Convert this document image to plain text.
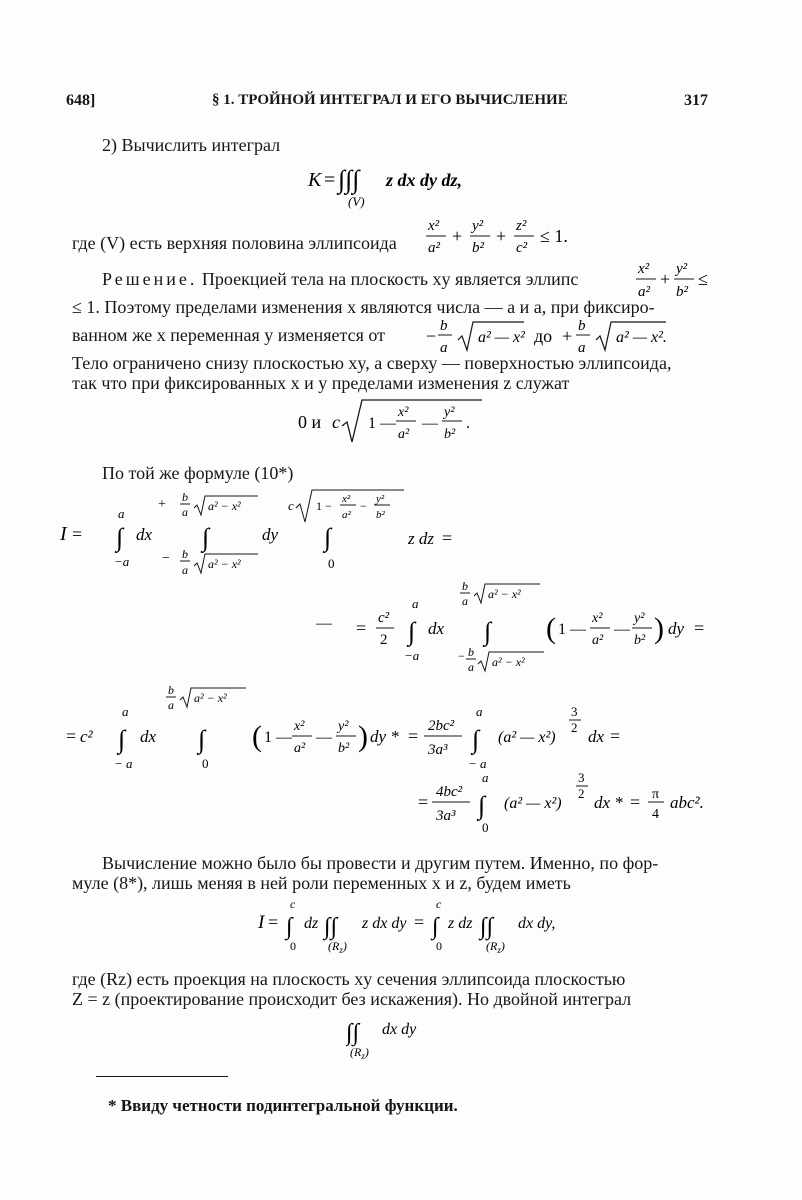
648]	§ 1. ТРОЙНОЙ ИНТЕГРАЛ И ЕГО ВЫЧИСЛЕНИЕ	317
2) Вычислить интеграл
K = ∫∫∫
(V)
z dx dy dz,
где (V) есть верхняя половина эллипсоида
x²
a²
+ y²
b²
+ z²
c²
≤ 1.
Решение. Проекцией тела на плоскость xy является эллипс	x²
a²
+ y²
b²
≤
≤ 1. Поэтому пределами изменения x являются числа — a и a, при фиксиро-
ванном же x переменная y изменяется от	− b
a
a² — x² до + b
a
a² — x².
Тело ограничено снизу плоскостью xy, а сверху — поверхностью эллипсоида,
так что при фиксированных x и y пределами изменения z служат
0 и c 1 —
x²
a²
—
y²
b²
.
По той же формуле (10*)
I =
a
∫
−a
dx
+ b
a a² − x²
∫
− b
a a² − x²
dy
c 1 − x²
a²
− y²
b²
∫
0
z dz =
— = c²
2
a
∫
−a
dx
b
a a² − x²
∫
− b
a a² − x²
( 1 —
x²
a²
—
y²
b² ) dy =
= c²
a
∫
− a
dx
b
a a² − x²
∫
0
( 1 —
x²
a²
—
y²
b² ) dy * = 2bc²
3a³
a
∫
− a
(a² — x²)
3
2 dx =
= 4bc²
3a³
a
∫
0
(a² — x²)
3
2 dx * = π
4
abc².
Вычисление можно было бы провести и другим путем. Именно, по фор-
муле (8*), лишь меняя в ней роли переменных x и z, будем иметь
I =
c
∫
0
dz ∫∫
$(R_z)$
z dx dy =
c
∫
0
z dz ∫∫
$(R_z)$
dx dy,
где (Rz) есть проекция на плоскость xy сечения эллипсоида плоскостью
Z = z (проектирование происходит без искажения). Но двойной интеграл
∫∫
$(R_z)$
dx dy
* Ввиду четности подинтегральной функции.
